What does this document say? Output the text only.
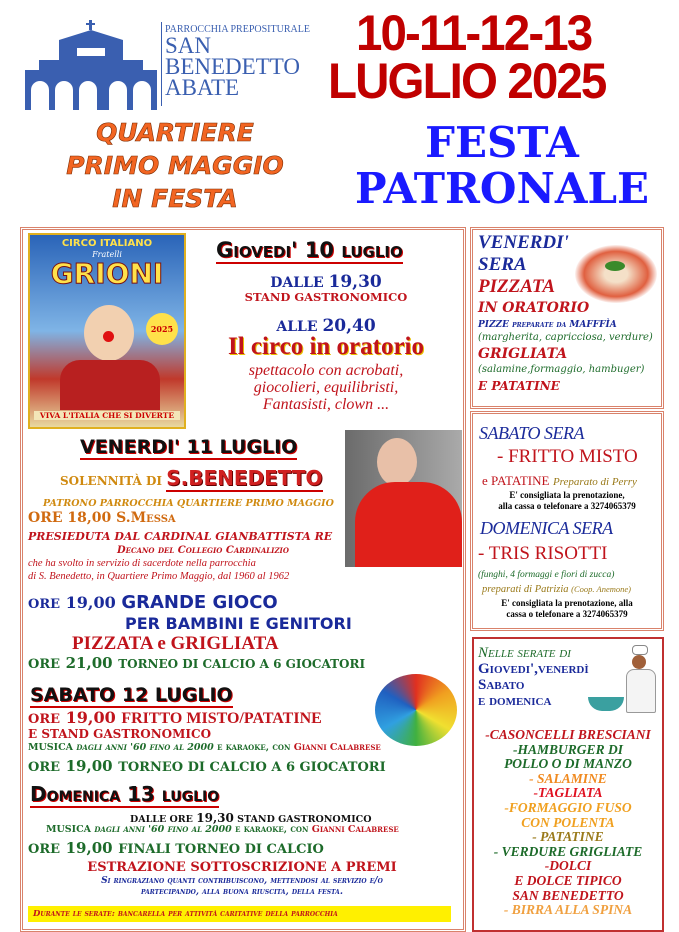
PARROCCHIA PREPOSITURALE
SAN
BENEDETTO
ABATE
10-11-12-13
LUGLIO 2025
QUARTIERE
PRIMO MAGGIO
IN FESTA
FESTA
PATRONALE
CIRCO ITALIANO
Fratelli
GRIONI
2025
VIVA L'ITALIA CHE SI DIVERTE
Giovedi' 10 luglio
DALLE 19,30
STAND GASTRONOMICO
ALLE 20,40
Il circo in oratorio
spettacolo con acrobati,
giocolieri, equilibristi,
Fantasisti, clown ...
VENERDI' 11 LUGLIO
SOLENNITÀ DI S.BENEDETTO
PATRONO PARROCCHIA QUARTIERE PRIMO MAGGIO
ORE 18,00 S.Messa
PRESIEDUTA DAL CARDINAL GIANBATTISTA RE
Decano del Collegio Cardinalizio
che ha svolto in servizio di sacerdote nella parrocchia
di S. Benedetto, in Quartiere Primo Maggio, dal 1960 al 1962
ORE 19,00 GRANDE GIOCO
PER BAMBINI E GENITORI
PIZZATA e GRIGLIATA
ORE 21,00 TORNEO DI CALCIO A 6 GIOCATORI
SABATO 12 LUGLIO
ORE 19,00 FRITTO MISTO/PATATINE
E STAND GASTRONOMICO
MUSICA dagli anni '60 fino al 2000 e karaoke, con Gianni Calabrese
ORE 19,00 TORNEO DI CALCIO A 6 GIOCATORI
Domenica 13 luglio
DALLE ORE 19,30 STAND GASTRONOMICO
MUSICA dagli anni '60 fino al 2000 e karaoke, con Gianni Calabrese
ORE 19,00 FINALI TORNEO DI CALCIO
ESTRAZIONE SOTTOSCRIZIONE A PREMI
Si ringraziano quanti contribuiscono, mettendosi al servizio e/o
partecipando, alla buona riuscita, della festa.
Durante le serate: bancarella per attività caritative della parrocchia
VENERDI'
SERA
PIZZATA
IN ORATORIO
PIZZE preparate da MAFFFÌA
(margherita, capricciosa, verdure)
GRIGLIATA
(salamine,formaggio, hambuger)
E PATATINE
SABATO SERA
- FRITTO MISTO
e PATATINE Preparato di Perry
E' consigliata la prenotazione,
alla cassa o telefonare a 3274065379
DOMENICA SERA
- TRIS RISOTTI
(funghi, 4 formaggi e fiori di zucca)
preparati di Patrizia (Coop. Anemone)
E' consigliata la prenotazione, alla
cassa o telefonare a 3274065379
Nelle serate di
Giovedi',venerdì
Sabato
e domenica
-CASONCELLI BRESCIANI
-HAMBURGER DI
POLLO O DI MANZO
- SALAMINE
-TAGLIATA
-FORMAGGIO FUSO
CON POLENTA
- PATATINE
- VERDURE GRIGLIATE
-DOLCI
E DOLCE TIPICO
SAN BENEDETTO
- BIRRA ALLA SPINA
